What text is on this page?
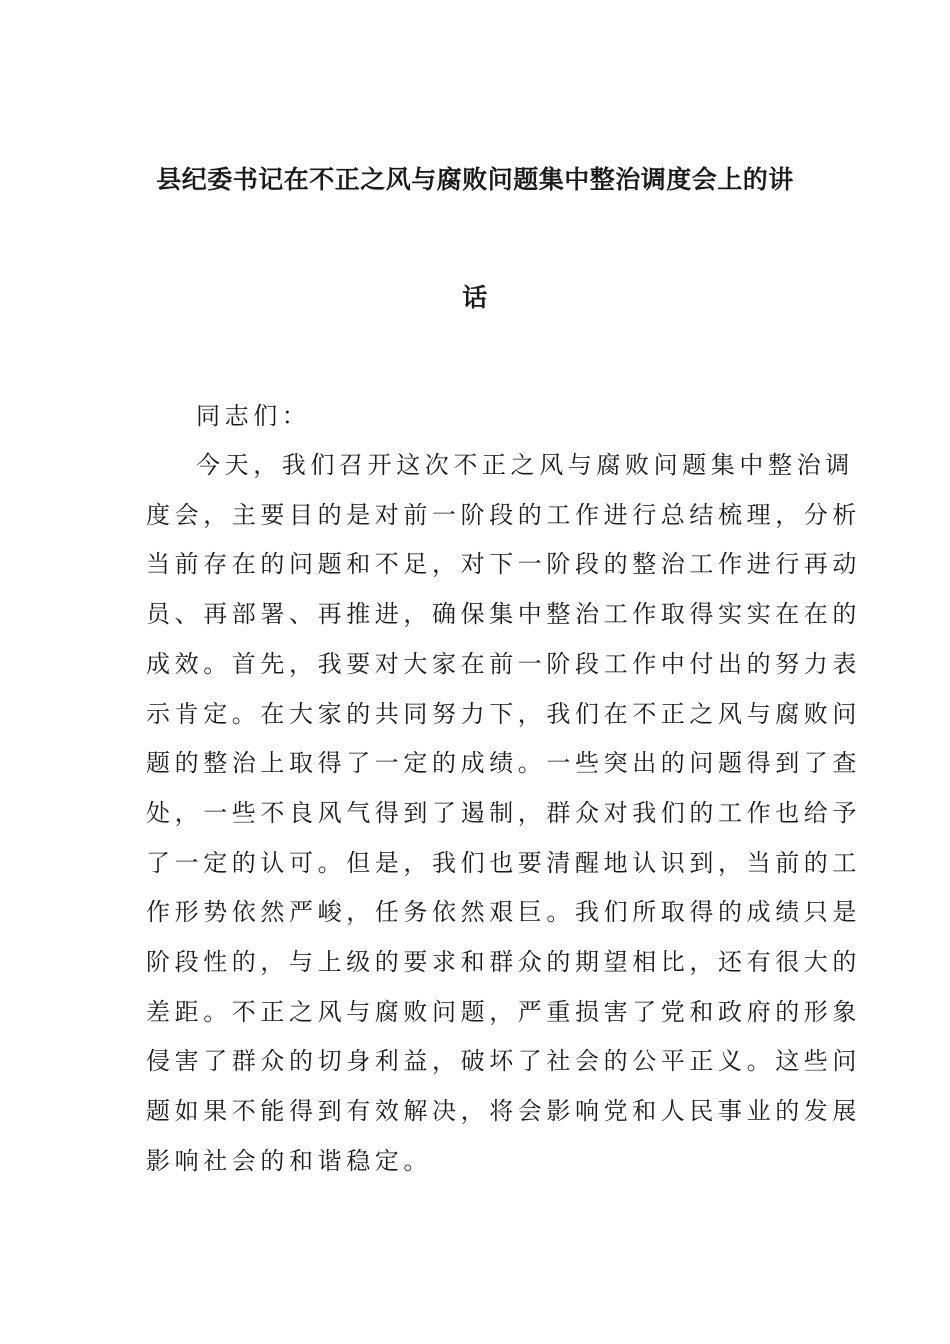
县纪委书记在不正之风与腐败问题集中整治调度会上的讲
话

同志们：

今天，我们召开这次不正之风与腐败问题集中整治调
度会，主要目的是对前一阶段的工作进行总结梳理，分析
当前存在的问题和不足，对下一阶段的整治工作进行再动
员、再部署、再推进，确保集中整治工作取得实实在在的
成效。首先，我要对大家在前一阶段工作中付出的努力表
示肯定。在大家的共同努力下，我们在不正之风与腐败问
题的整治上取得了一定的成绩。一些突出的问题得到了查
处，一些不良风气得到了遏制，群众对我们的工作也给予
了一定的认可。但是，我们也要清醒地认识到，当前的工
作形势依然严峻，任务依然艰巨。我们所取得的成绩只是
阶段性的，与上级的要求和群众的期望相比，还有很大的
差距。不正之风与腐败问题，严重损害了党和政府的形象
侵害了群众的切身利益，破坏了社会的公平正义。这些问
题如果不能得到有效解决，将会影响党和人民事业的发展
影响社会的和谐稳定。
